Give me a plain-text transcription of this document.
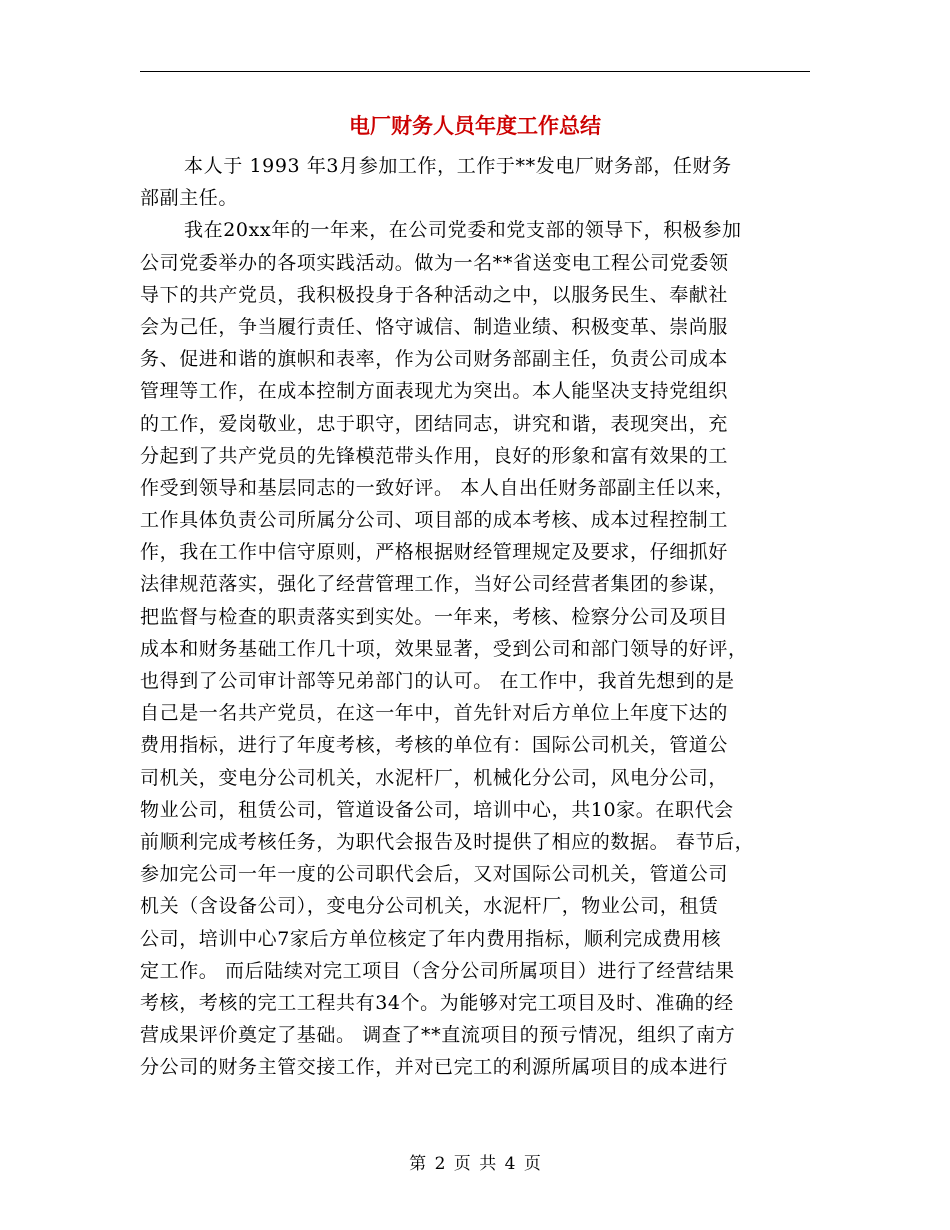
电厂财务人员年度工作总结
本人于 1993 年3月参加工作，工作于**发电厂财务部，任财务
部副主任。
我在20xx年的一年来，在公司党委和党支部的领导下，积极参加
公司党委举办的各项实践活动。做为一名**省送变电工程公司党委领
导下的共产党员，我积极投身于各种活动之中，以服务民生、奉献社
会为己任，争当履行责任、恪守诚信、制造业绩、积极变革、崇尚服
务、促进和谐的旗帜和表率，作为公司财务部副主任，负责公司成本
管理等工作，在成本控制方面表现尤为突出。本人能坚决支持党组织
的工作，爱岗敬业，忠于职守，团结同志，讲究和谐，表现突出，充
分起到了共产党员的先锋模范带头作用，良好的形象和富有效果的工
作受到领导和基层同志的一致好评。 本人自出任财务部副主任以来，
工作具体负责公司所属分公司、项目部的成本考核、成本过程控制工
作，我在工作中信守原则，严格根据财经管理规定及要求，仔细抓好
法律规范落实，强化了经营管理工作，当好公司经营者集团的参谋，
把监督与检查的职责落实到实处。一年来，考核、检察分公司及项目
成本和财务基础工作几十项，效果显著，受到公司和部门领导的好评，
也得到了公司审计部等兄弟部门的认可。 在工作中，我首先想到的是
自己是一名共产党员，在这一年中，首先针对后方单位上年度下达的
费用指标，进行了年度考核，考核的单位有：国际公司机关，管道公
司机关，变电分公司机关，水泥杆厂，机械化分公司，风电分公司，
物业公司，租赁公司，管道设备公司，培训中心，共10家。在职代会
前顺利完成考核任务，为职代会报告及时提供了相应的数据。 春节后，
参加完公司一年一度的公司职代会后，又对国际公司机关，管道公司
机关（含设备公司），变电分公司机关，水泥杆厂，物业公司，租赁
公司，培训中心7家后方单位核定了年内费用指标，顺利完成费用核
定工作。 而后陆续对完工项目（含分公司所属项目）进行了经营结果
考核，考核的完工工程共有34个。为能够对完工项目及时、准确的经
营成果评价奠定了基础。 调查了**直流项目的预亏情况，组织了南方
分公司的财务主管交接工作，并对已完工的利源所属项目的成本进行
第 2 页 共 4 页
